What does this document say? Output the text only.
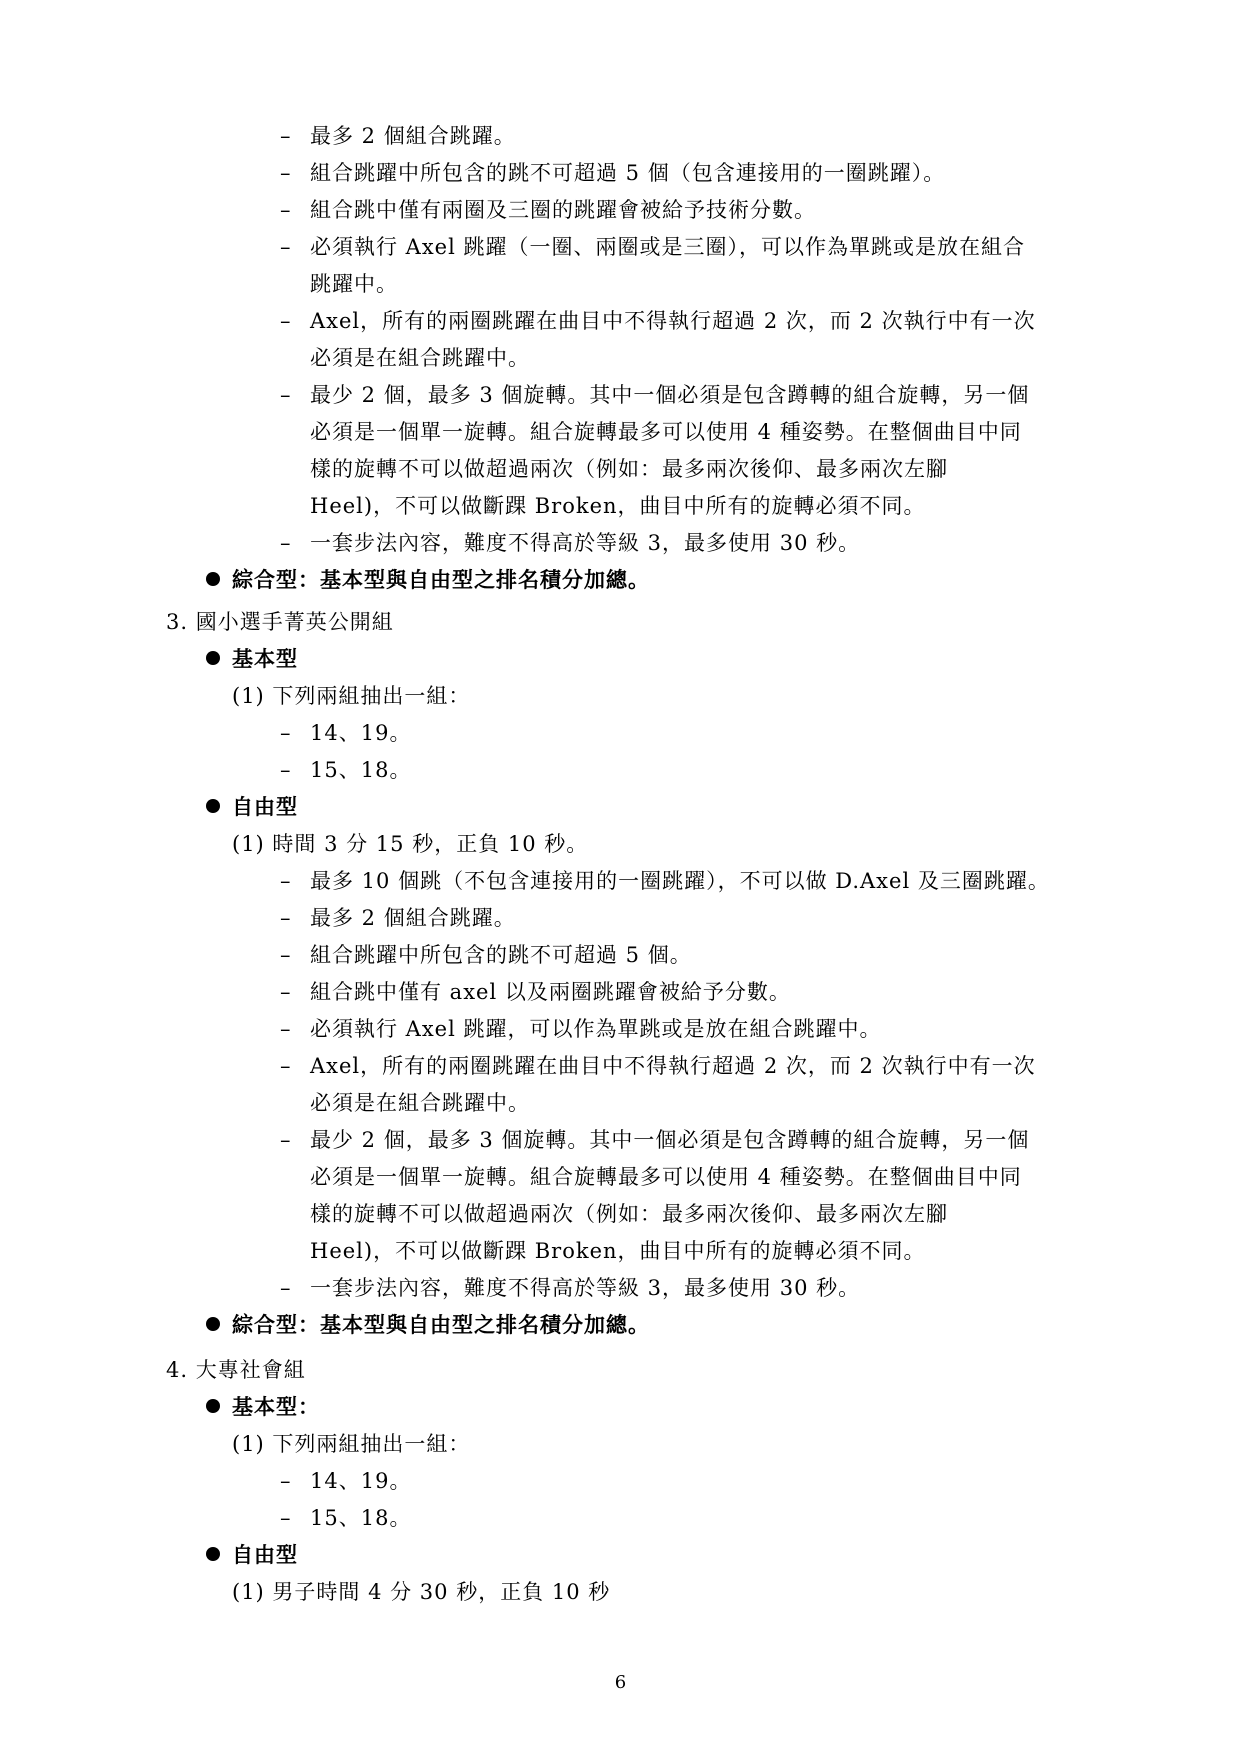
– 最多 2 個組合跳躍。
– 組合跳躍中所包含的跳不可超過 5 個（包含連接用的一圈跳躍）。
– 組合跳中僅有兩圈及三圈的跳躍會被給予技術分數。
– 必須執行 Axel 跳躍（一圈、兩圈或是三圈），可以作為單跳或是放在組合
跳躍中。
– Axel，所有的兩圈跳躍在曲目中不得執行超過 2 次，而 2 次執行中有一次
必須是在組合跳躍中。
– 最少 2 個，最多 3 個旋轉。其中一個必須是包含蹲轉的組合旋轉，另一個
必須是一個單一旋轉。組合旋轉最多可以使用 4 種姿勢。在整個曲目中同
樣的旋轉不可以做超過兩次（例如：最多兩次後仰、最多兩次左腳
Heel)，不可以做斷踝 Broken，曲目中所有的旋轉必須不同。
– 一套步法內容，難度不得高於等級 3，最多使用 30 秒。
綜合型：基本型與自由型之排名積分加總。
3. 國小選手菁英公開組
基本型
(1) 下列兩組抽出一組：
– 14、19。
– 15、18。
自由型
(1) 時間 3 分 15 秒，正負 10 秒。
– 最多 10 個跳（不包含連接用的一圈跳躍），不可以做 D.Axel 及三圈跳躍。
– 最多 2 個組合跳躍。
– 組合跳躍中所包含的跳不可超過 5 個。
– 組合跳中僅有 axel 以及兩圈跳躍會被給予分數。
– 必須執行 Axel 跳躍，可以作為單跳或是放在組合跳躍中。
– Axel，所有的兩圈跳躍在曲目中不得執行超過 2 次，而 2 次執行中有一次
必須是在組合跳躍中。
– 最少 2 個，最多 3 個旋轉。其中一個必須是包含蹲轉的組合旋轉，另一個
必須是一個單一旋轉。組合旋轉最多可以使用 4 種姿勢。在整個曲目中同
樣的旋轉不可以做超過兩次（例如：最多兩次後仰、最多兩次左腳
Heel)，不可以做斷踝 Broken，曲目中所有的旋轉必須不同。
– 一套步法內容，難度不得高於等級 3，最多使用 30 秒。
綜合型：基本型與自由型之排名積分加總。
4. 大專社會組
基本型：
(1) 下列兩組抽出一組：
– 14、19。
– 15、18。
自由型
(1) 男子時間 4 分 30 秒，正負 10 秒
6
